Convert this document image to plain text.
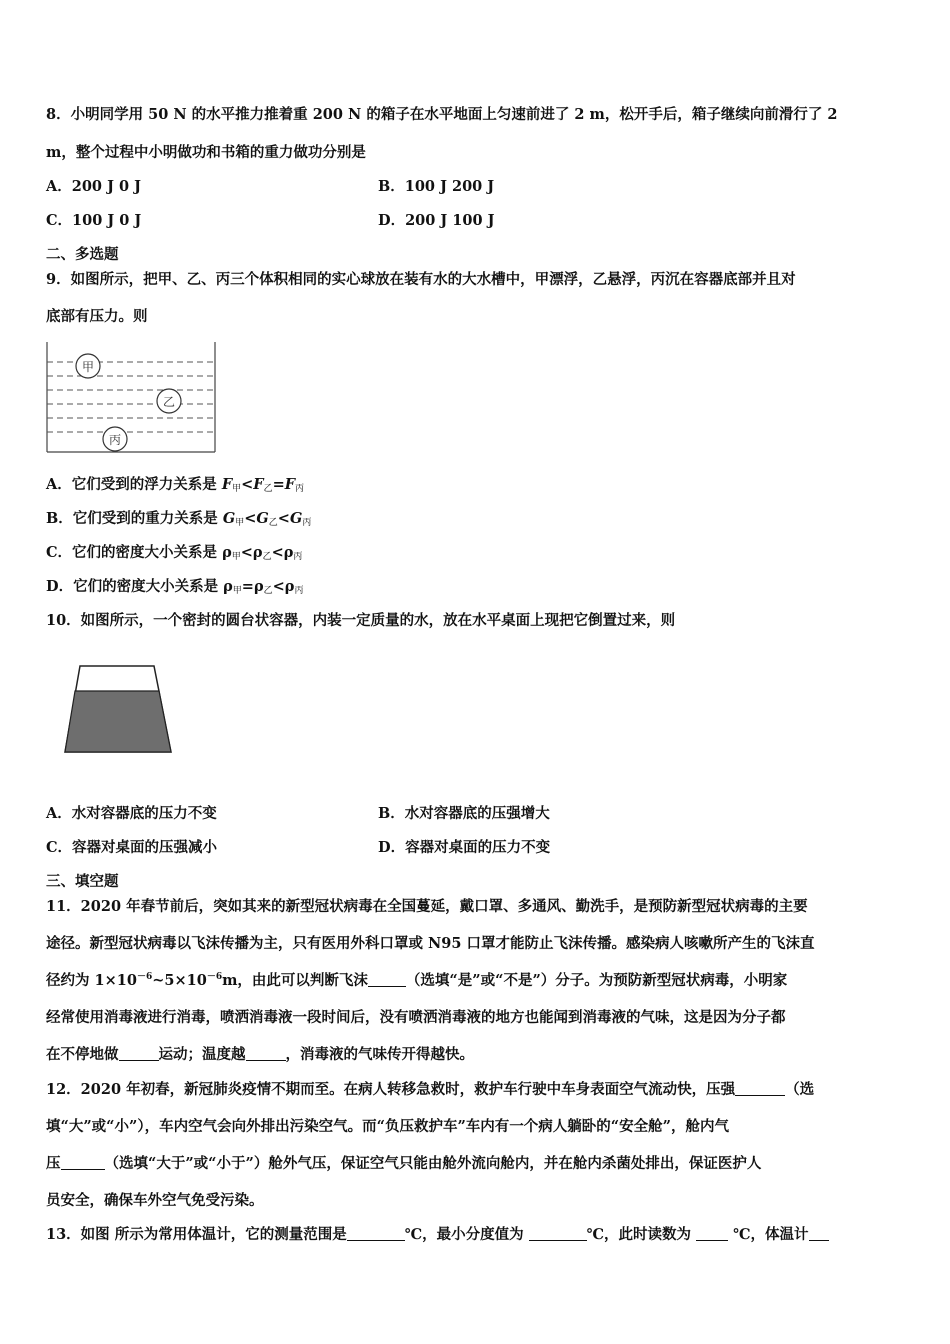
8．小明同学用 50 N 的水平推力推着重 200 N 的箱子在水平地面上匀速前进了 2 m，松开手后，箱子继续向前滑行了 2
m，整个过程中小明做功和书箱的重力做功分别是
A．200 J 0 J	B．100 J 200 J
C．100 J 0 J	D．200 J 100 J
二、多选题
9．如图所示，把甲、乙、丙三个体积相同的实心球放在装有水的大水槽中，甲漂浮，乙悬浮，丙沉在容器底部并且对
底部有压力。则
甲
乙
丙
A．它们受到的浮力关系是 $F_甲<F_乙=F_丙$
B．它们受到的重力关系是 $G_甲<G_乙<G_丙$
C．它们的密度大小关系是 $\rho_甲<\rho_乙<\rho_丙$
D．它们的密度大小关系是 $\rho_甲=\rho_乙<\rho_丙$
10．如图所示，一个密封的圆台状容器，内装一定质量的水，放在水平桌面上现把它倒置过来，则
A．水对容器底的压力不变	B．水对容器底的压强增大
C．容器对桌面的压强减小	D．容器对桌面的压力不变
三、填空题
11．2020 年春节前后，突如其来的新型冠状病毒在全国蔓延，戴口罩、多通风、勤洗手，是预防新型冠状病毒的主要
途径。新型冠状病毒以飞沫传播为主，只有医用外科口罩或 N95 口罩才能防止飞沫传播。感染病人咳嗽所产生的飞沫直
径约为 $1\times 10^{-6}\sim 5\times 10^{-6}m$，由此可以判断飞沫	（选填“是”或“不是”）分子。为预防新型冠状病毒，小明家
经常使用消毒液进行消毒，喷洒消毒液一段时间后，没有喷洒消毒液的地方也能闻到消毒液的气味，这是因为分子都
在不停地做	运动；温度越	，消毒液的气味传开得越快。
12．2020 年初春，新冠肺炎疫情不期而至。在病人转移急救时，救护车行驶中车身表面空气流动快，压强	（选
填“大”或“小”），车内空气会向外排出污染空气。而“负压救护车”车内有一个病人躺卧的“安全舱”，舱内气
压	（选填“大于”或“小于”）舱外气压，保证空气只能由舱外流向舱内，并在舱内杀菌处排出，保证医护人
员安全，确保车外空气免受污染。
13．如图 所示为常用体温计，它的测量范围是	℃，最小分度值为	℃，此时读数为  ℃，体温计
